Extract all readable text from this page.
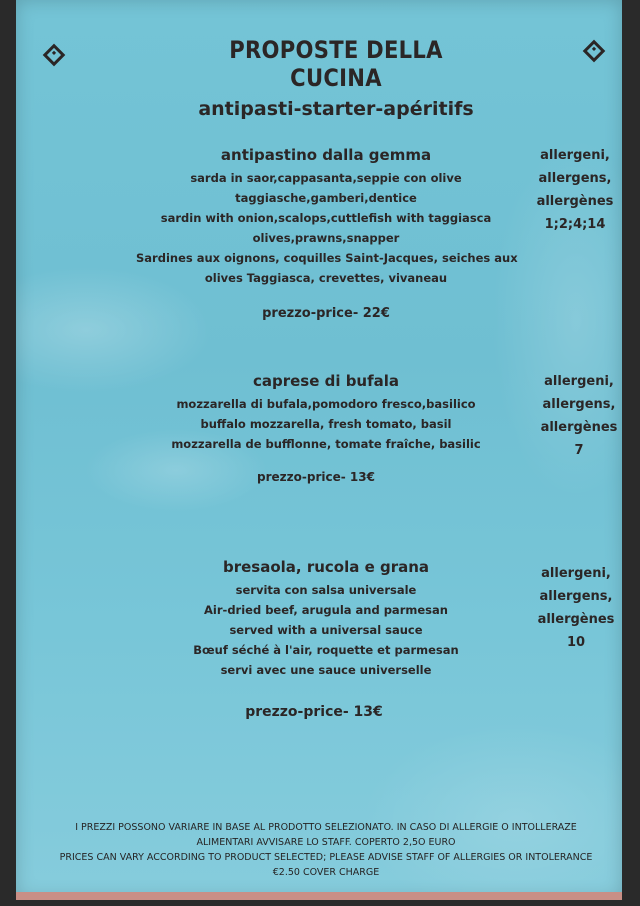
PROPOSTE DELLA CUCINA
antipasti-starter-apéritifs
antipastino dalla gemma
sarda in saor,cappasanta,seppie con olive
taggiasche,gamberi,dentice
sardin with onion,scalops,cuttlefish with taggiasca
olives,prawns,snapper
Sardines aux oignons, coquilles Saint-Jacques, seiches aux
olives Taggiasca, crevettes, vivaneau
prezzo-price- 22€
allergeni,
allergens,
allergènes
1;2;4;14
caprese di bufala
mozzarella di bufala,pomodoro fresco,basilico
buffalo mozzarella, fresh tomato, basil
mozzarella de bufflonne, tomate fraîche, basilic
prezzo-price- 13€
allergeni,
allergens,
allergènes
7
bresaola, rucola e grana
servita con salsa universale
Air-dried beef, arugula and parmesan
served with a universal sauce
Bœuf séché à l'air, roquette et parmesan
servi avec une sauce universelle
prezzo-price- 13€
allergeni,
allergens,
allergènes
10
I PREZZI POSSONO VARIARE IN BASE AL PRODOTTO SELEZIONATO. IN CASO DI ALLERGIE O INTOLLERAZE
ALIMENTARI AVVISARE LO STAFF. COPERTO 2,5O EURO
PRICES CAN VARY ACCORDING TO PRODUCT SELECTED; PLEASE ADVISE STAFF OF ALLERGIES OR INTOLERANCE
€2.50 COVER CHARGE
